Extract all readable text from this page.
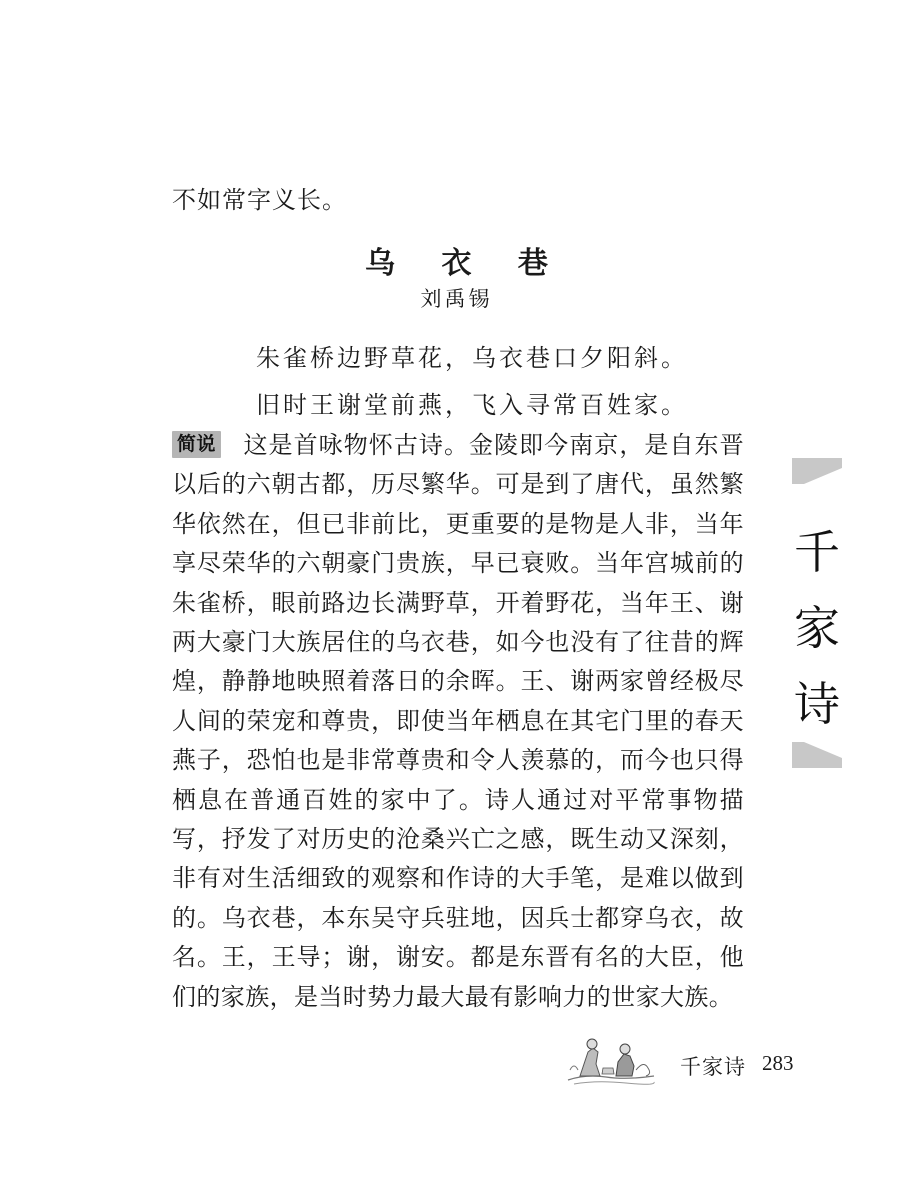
不如常字义长。
乌 衣 巷
刘禹锡
朱雀桥边野草花，乌衣巷口夕阳斜。
旧时王谢堂前燕，飞入寻常百姓家。
简说 这是首咏物怀古诗。金陵即今南京，是自东晋以后的六朝古都，历尽繁华。可是到了唐代，虽然繁华依然在，但已非前比，更重要的是物是人非，当年享尽荣华的六朝豪门贵族，早已衰败。当年宫城前的朱雀桥，眼前路边长满野草，开着野花，当年王、谢两大豪门大族居住的乌衣巷，如今也没有了往昔的辉煌，静静地映照着落日的余晖。王、谢两家曾经极尽人间的荣宠和尊贵，即使当年栖息在其宅门里的春天燕子，恐怕也是非常尊贵和令人羡慕的，而今也只得栖息在普通百姓的家中了。诗人通过对平常事物描写，抒发了对历史的沧桑兴亡之感，既生动又深刻，非有对生活细致的观察和作诗的大手笔，是难以做到的。乌衣巷，本东吴守兵驻地，因兵士都穿乌衣，故名。王，王导；谢，谢安。都是东晋有名的大臣，他们的家族，是当时势力最大最有影响力的世家大族。
千
家
诗
千家诗 283
